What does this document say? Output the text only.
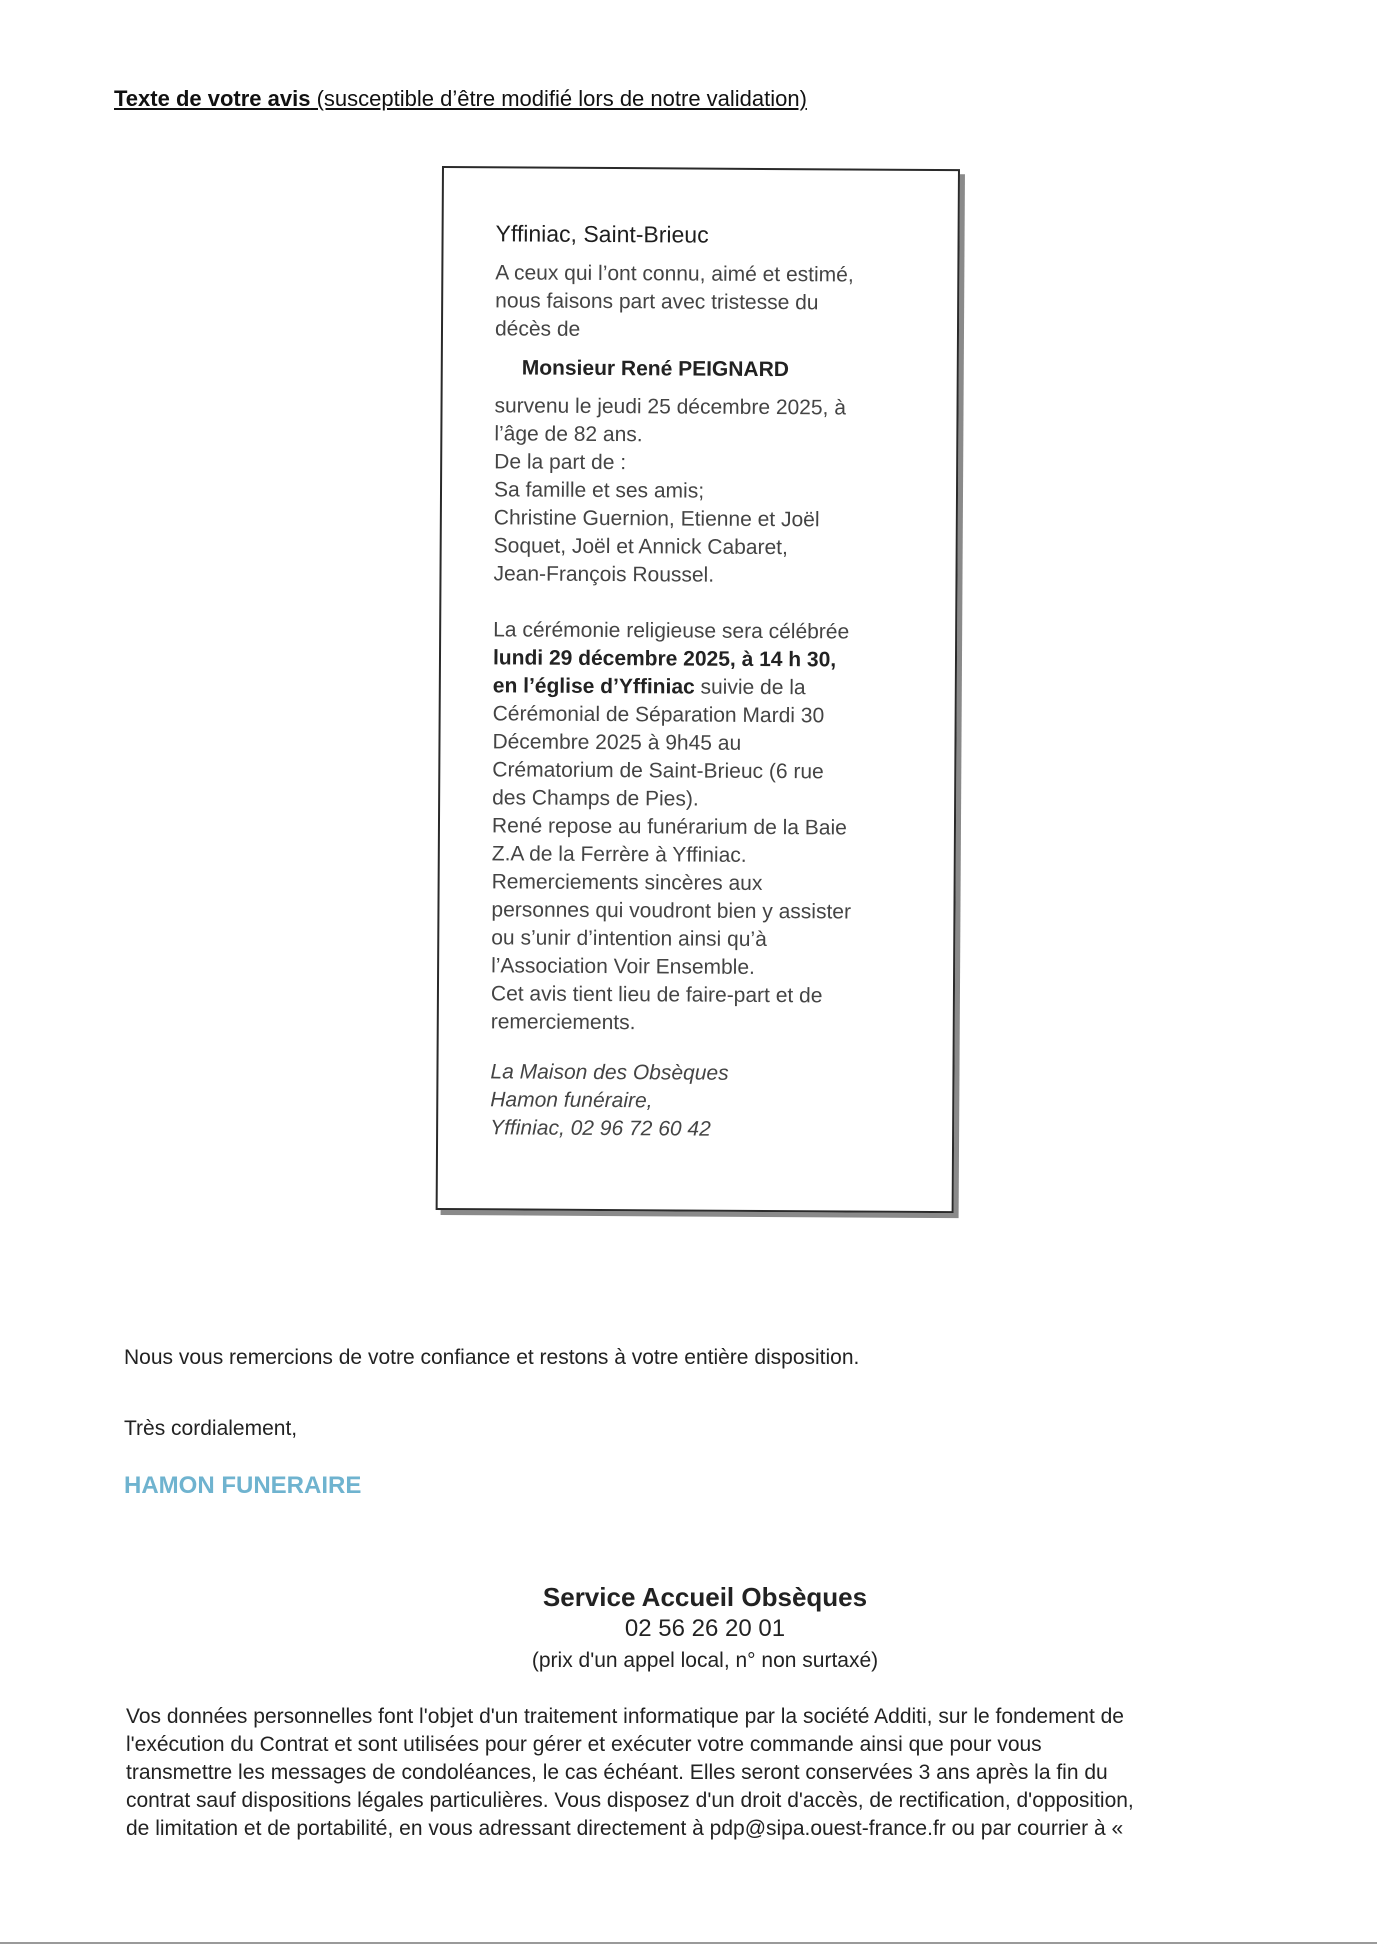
Texte de votre avis (susceptible d’être modifié lors de notre validation)
Yffiniac, Saint-Brieuc
A ceux qui l’ont connu, aimé et estimé,
nous faisons part avec tristesse du
décès de
Monsieur René PEIGNARD
survenu le jeudi 25 décembre 2025, à
l’âge de 82 ans.
De la part de :
Sa famille et ses amis;
Christine Guernion, Etienne et Joël
Soquet, Joël et Annick Cabaret,
Jean-François Roussel.
La cérémonie religieuse sera célébrée
lundi 29 décembre 2025, à 14 h 30,
en l’église d’Yffiniac suivie de la
Cérémonial de Séparation Mardi 30
Décembre 2025 à 9h45 au
Crématorium de Saint-Brieuc (6 rue
des Champs de Pies).
René repose au funérarium de la Baie
Z.A de la Ferrère à Yffiniac.
Remerciements sincères aux
personnes qui voudront bien y assister
ou s’unir d’intention ainsi qu’à
l’Association Voir Ensemble.
Cet avis tient lieu de faire-part et de
remerciements.
La Maison des Obsèques
Hamon funéraire,
Yffiniac, 02 96 72 60 42
Nous vous remercions de votre confiance et restons à votre entière disposition.
Très cordialement,
HAMON FUNERAIRE
Service Accueil Obsèques
02 56 26 20 01
(prix d'un appel local, n° non surtaxé)
Vos données personnelles font l'objet d'un traitement informatique par la société Additi, sur le fondement de
l'exécution du Contrat et sont utilisées pour gérer et exécuter votre commande ainsi que pour vous
transmettre les messages de condoléances, le cas échéant. Elles seront conservées 3 ans après la fin du
contrat sauf dispositions légales particulières. Vous disposez d'un droit d'accès, de rectification, d'opposition,
de limitation et de portabilité, en vous adressant directement à pdp@sipa.ouest-france.fr ou par courrier à «
